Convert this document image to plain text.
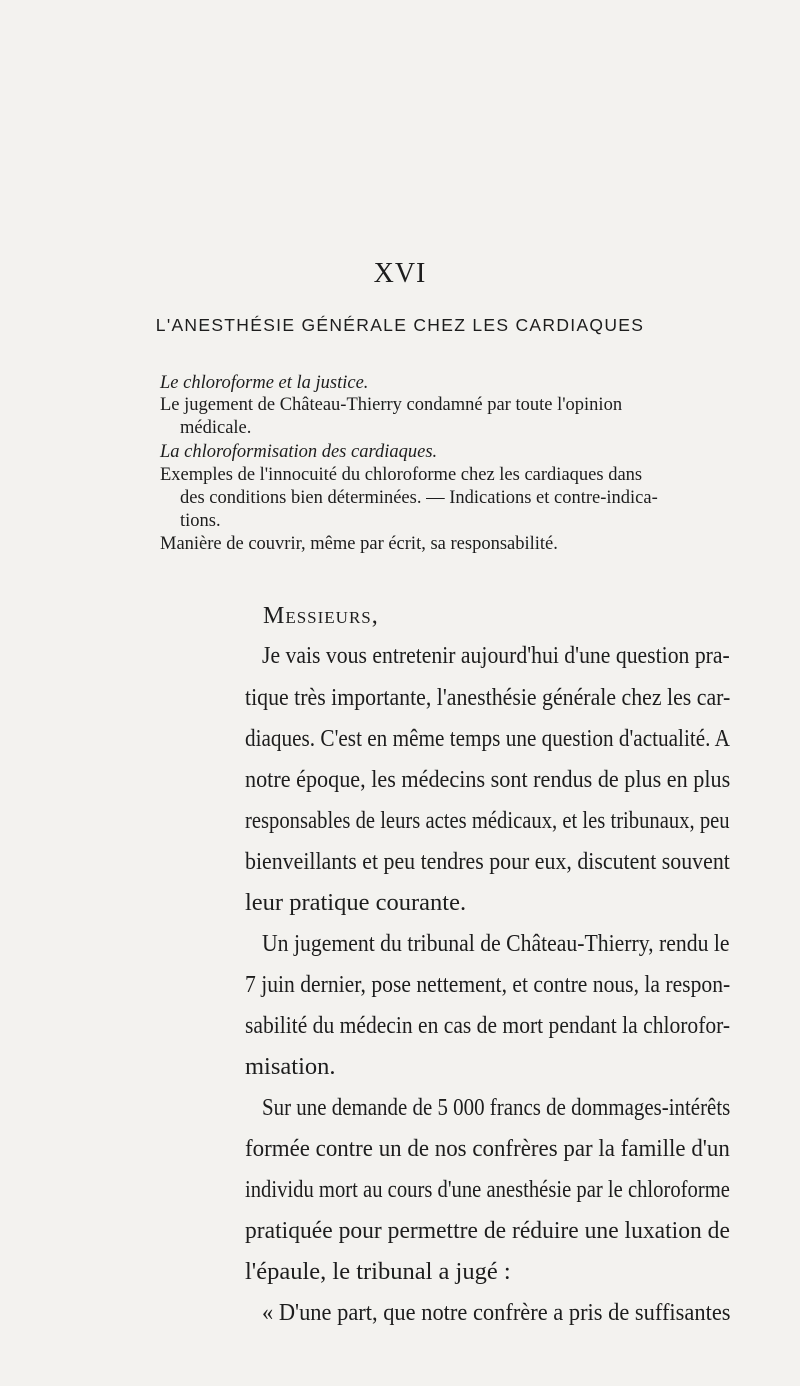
XVI
L'ANESTHÉSIE GÉNÉRALE CHEZ LES CARDIAQUES
Le chloroforme et la justice.
Le jugement de Château-Thierry condamné par toute l'opinion
médicale.
La chloroformisation des cardiaques.
Exemples de l'innocuité du chloroforme chez les cardiaques dans
des conditions bien déterminées. — Indications et contre-indica-
tions.
Manière de couvrir, même par écrit, sa responsabilité.
Messieurs,
Je vais vous entretenir aujourd'hui d'une question pra-
tique très importante, l'anesthésie générale chez les car-
diaques. C'est en même temps une question d'actualité. A
notre époque, les médecins sont rendus de plus en plus
responsables de leurs actes médicaux, et les tribunaux, peu
bienveillants et peu tendres pour eux, discutent souvent
leur pratique courante.
Un jugement du tribunal de Château-Thierry, rendu le
7 juin dernier, pose nettement, et contre nous, la respon-
sabilité du médecin en cas de mort pendant la chlorofor-
misation.
Sur une demande de 5 000 francs de dommages-intérêts
formée contre un de nos confrères par la famille d'un
individu mort au cours d'une anesthésie par le chloroforme
pratiquée pour permettre de réduire une luxation de
l'épaule, le tribunal a jugé :
« D'une part, que notre confrère a pris de suffisantes
